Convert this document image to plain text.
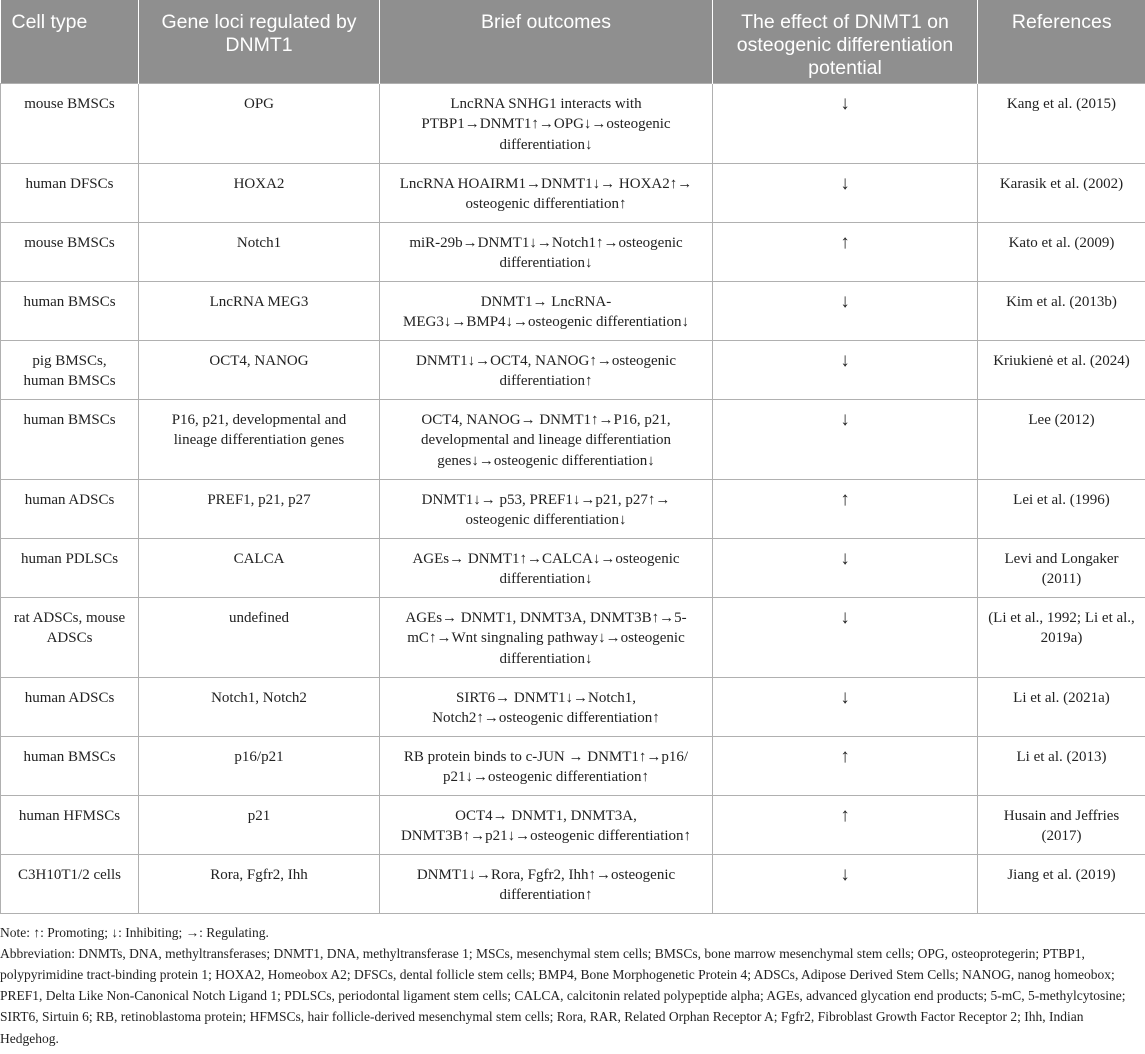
Cell type	Gene loci regulated by DNMT1	Brief outcomes	The effect of DNMT1 on osteogenic differentiation potential	References
mouse BMSCs	OPG	LncRNA SNHG1 interacts with PTBP1→DNMT1↑→OPG↓→osteogenic differentiation↓	↓	Kang et al. (2015)
human DFSCs	HOXA2	LncRNA HOAIRM1→DNMT1↓→ HOXA2↑→ osteogenic differentiation↑	↓	Karasik et al. (2002)
mouse BMSCs	Notch1	miR-29b→DNMT1↓→Notch1↑→osteogenic differentiation↓	↑	Kato et al. (2009)
human BMSCs	LncRNA MEG3	DNMT1→ LncRNA-MEG3↓→BMP4↓→osteogenic differentiation↓	↓	Kim et al. (2013b)
pig BMSCs, human BMSCs	OCT4, NANOG	DNMT1↓→OCT4, NANOG↑→osteogenic differentiation↑	↓	Kriukienė et al. (2024)
human BMSCs	P16, p21, developmental and lineage differentiation genes	OCT4, NANOG→ DNMT1↑→P16, p21, developmental and lineage differentiation genes↓→osteogenic differentiation↓	↓	Lee (2012)
human ADSCs	PREF1, p21, p27	DNMT1↓→ p53, PREF1↓→p21, p27↑→ osteogenic differentiation↓	↑	Lei et al. (1996)
human PDLSCs	CALCA	AGEs→ DNMT1↑→CALCA↓→osteogenic differentiation↓	↓	Levi and Longaker (2011)
rat ADSCs, mouse ADSCs	undefined	AGEs→ DNMT1, DNMT3A, DNMT3B↑→5-mC↑→Wnt singnaling pathway↓→osteogenic differentiation↓	↓	(Li et al., 1992; Li et al., 2019a)
human ADSCs	Notch1, Notch2	SIRT6→ DNMT1↓→Notch1, Notch2↑→osteogenic differentiation↑	↓	Li et al. (2021a)
human BMSCs	p16/p21	RB protein binds to c-JUN → DNMT1↑→p16/ p21↓→osteogenic differentiation↑	↑	Li et al. (2013)
human HFMSCs	p21	OCT4→ DNMT1, DNMT3A, DNMT3B↑→p21↓→osteogenic differentiation↑	↑	Husain and Jeffries (2017)
C3H10T1/2 cells	Rora, Fgfr2, Ihh	DNMT1↓→Rora, Fgfr2, Ihh↑→osteogenic differentiation↑	↓	Jiang et al. (2019)

Note: ↑: Promoting; ↓: Inhibiting; →: Regulating.

Abbreviation: DNMTs, DNA, methyltransferases; DNMT1, DNA, methyltransferase 1; MSCs, mesenchymal stem cells; BMSCs, bone marrow mesenchymal stem cells; OPG, osteoprotegerin; PTBP1, polypyrimidine tract-binding protein 1; HOXA2, Homeobox A2; DFSCs, dental follicle stem cells; BMP4, Bone Morphogenetic Protein 4; ADSCs, Adipose Derived Stem Cells; NANOG, nanog homeobox; PREF1, Delta Like Non-Canonical Notch Ligand 1; PDLSCs, periodontal ligament stem cells; CALCA, calcitonin related polypeptide alpha; AGEs, advanced glycation end products; 5-mC, 5-methylcytosine; SIRT6, Sirtuin 6; RB, retinoblastoma protein; HFMSCs, hair follicle-derived mesenchymal stem cells; Rora, RAR, Related Orphan Receptor A; Fgfr2, Fibroblast Growth Factor Receptor 2; Ihh, Indian Hedgehog.
